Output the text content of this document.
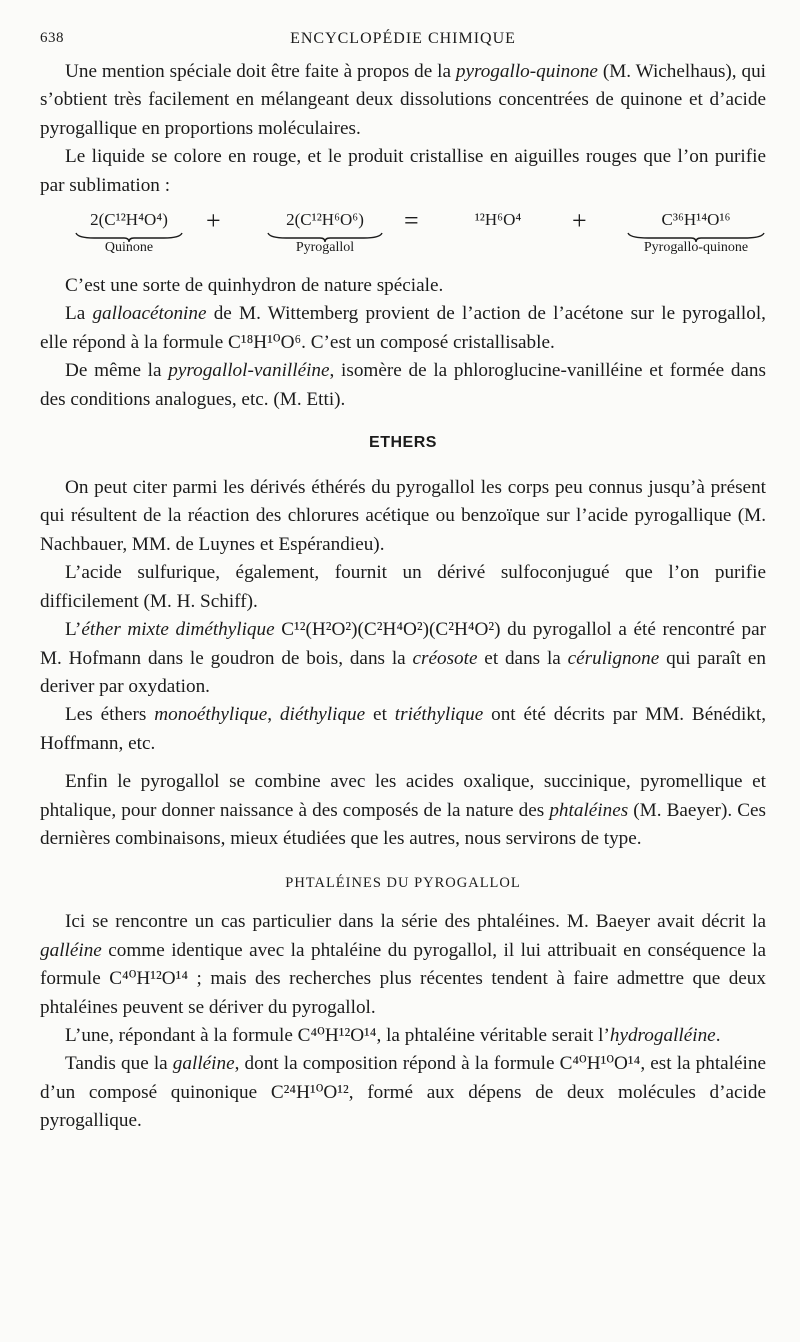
638	ENCYCLOPÉDIE CHIMIQUE

Une mention spéciale doit être faite à propos de la pyrogallo-quinone (M. Wichelhaus), qui s’obtient très facilement en mélangeant deux dissolutions concentrées de quinone et d’acide pyrogallique en proportions moléculaires.

Le liquide se colore en rouge, et le produit cristallise en aiguilles rouges que l’on purifie par sublimation :

2(C¹²H⁴O⁴)
Quinone
+	2(C¹²H⁶O⁶)
Pyrogallol
=	¹²H⁶O⁴	+	C³⁶H¹⁴O¹⁶
Pyrogallo-quinone

C’est une sorte de quinhydron de nature spéciale.

La galloacétonine de M. Wittemberg provient de l’action de l’acétone sur le pyrogallol, elle répond à la formule C¹⁸H¹⁰O⁶. C’est un composé cristallisable.

De même la pyrogallol-vanilléine, isomère de la phloroglucine-vanilléine et formée dans des conditions analogues, etc. (M. Etti).

ETHERS

On peut citer parmi les dérivés éthérés du pyrogallol les corps peu connus jusqu’à présent qui résultent de la réaction des chlorures acétique ou benzoïque sur l’acide pyrogallique (M. Nachbauer, MM. de Luynes et Espérandieu).

L’acide sulfurique, également, fournit un dérivé sulfoconjugué que l’on purifie difficilement (M. H. Schiff).

L’éther mixte diméthylique C¹²(H²O²)(C²H⁴O²)(C²H⁴O²) du pyrogallol a été rencontré par M. Hofmann dans le goudron de bois, dans la créosote et dans la cérulignone qui paraît en deriver par oxydation.

Les éthers monoéthylique, diéthylique et triéthylique ont été décrits par MM. Bénédikt, Hoffmann, etc.

Enfin le pyrogallol se combine avec les acides oxalique, succinique, pyromellique et phtalique, pour donner naissance à des composés de la nature des phtaléines (M. Baeyer). Ces dernières combinaisons, mieux étudiées que les autres, nous servirons de type.

PHTALÉINES DU PYROGALLOL

Ici se rencontre un cas particulier dans la série des phtaléines. M. Baeyer avait décrit la galléine comme identique avec la phtaléine du pyrogallol, il lui attribuait en conséquence la formule C⁴⁰H¹²O¹⁴ ; mais des recherches plus récentes tendent à faire admettre que deux phtaléines peuvent se dériver du pyrogallol.

L’une, répondant à la formule C⁴⁰H¹²O¹⁴, la phtaléine véritable serait l’hydrogalléine.

Tandis que la galléine, dont la composition répond à la formule C⁴⁰H¹⁰O¹⁴, est la phtaléine d’un composé quinonique C²⁴H¹⁰O¹², formé aux dépens de deux molécules d’acide pyrogallique.
